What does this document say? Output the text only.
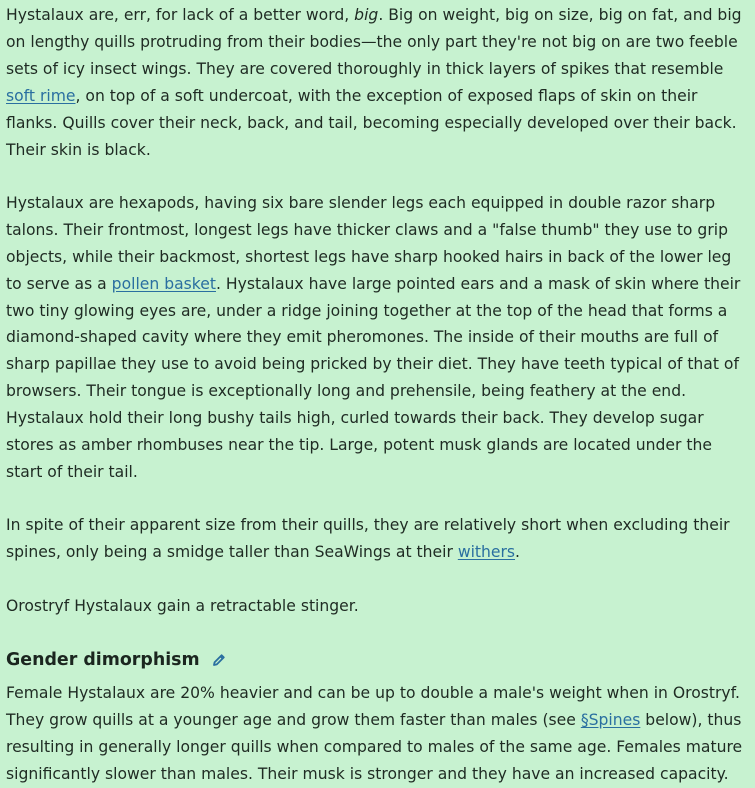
Hystalaux are, err, for lack of a better word, big. Big on weight, big on size, big on fat, and big on lengthy quills protruding from their bodies—the only part they're not big on are two feeble sets of icy insect wings. They are covered thoroughly in thick layers of spikes that resemble soft rime, on top of a soft undercoat, with the exception of exposed flaps of skin on their flanks. Quills cover their neck, back, and tail, becoming especially developed over their back. Their skin is black.

Hystalaux are hexapods, having six bare slender legs each equipped in double razor sharp talons. Their frontmost, longest legs have thicker claws and a "false thumb" they use to grip objects, while their backmost, shortest legs have sharp hooked hairs in back of the lower leg to serve as a pollen basket. Hystalaux have large pointed ears and a mask of skin where their two tiny glowing eyes are, under a ridge joining together at the top of the head that forms a diamond-shaped cavity where they emit pheromones. The inside of their mouths are full of sharp papillae they use to avoid being pricked by their diet. They have teeth typical of that of browsers. Their tongue is exceptionally long and prehensile, being feathery at the end. Hystalaux hold their long bushy tails high, curled towards their back. They develop sugar stores as amber rhombuses near the tip. Large, potent musk glands are located under the start of their tail.

In spite of their apparent size from their quills, they are relatively short when excluding their spines, only being a smidge taller than SeaWings at their withers.

Orostryf Hystalaux gain a retractable stinger.

Gender dimorphism

Female Hystalaux are 20% heavier and can be up to double a male's weight when in Orostryf. They grow quills at a younger age and grow them faster than males (see §Spines below), thus resulting in generally longer quills when compared to males of the same age. Females mature significantly slower than males. Their musk is stronger and they have an increased capacity.
